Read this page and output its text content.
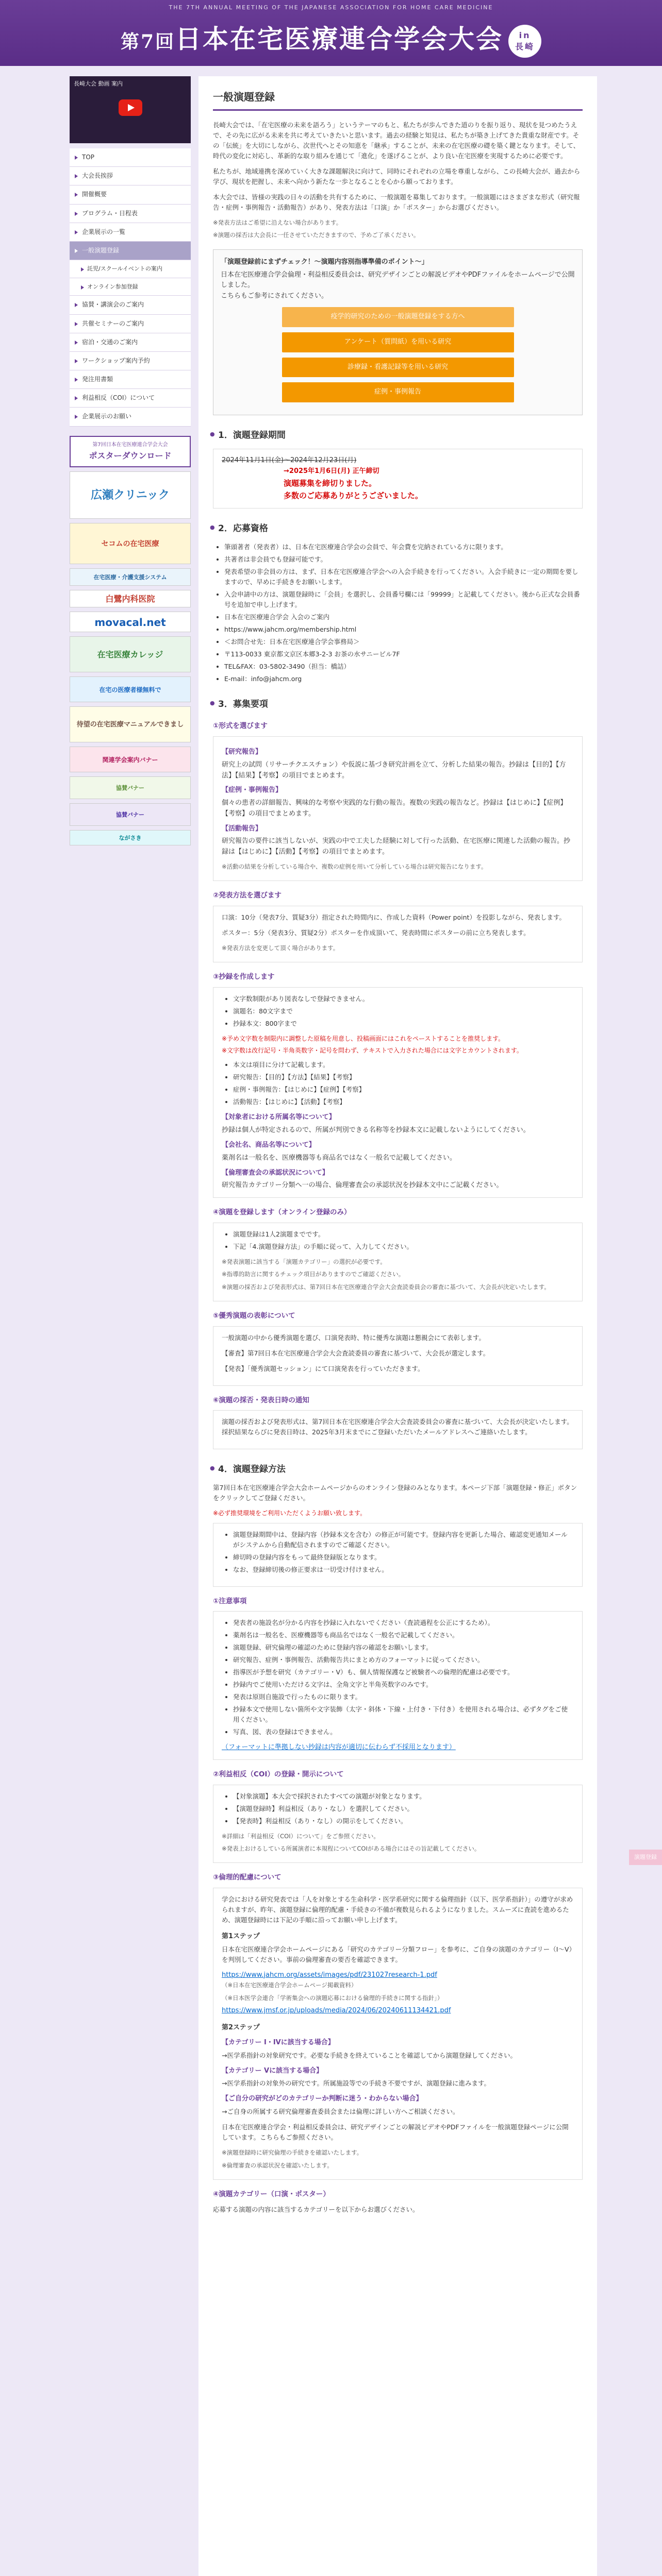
THE 7TH ANNUAL MEETING OF THE JAPANESE ASSOCIATION FOR HOME CARE MEDICINE
第7回日本在宅医療連合学会大会 in
長崎
長崎大会 動画 案内
TOP
大会長挨拶
開催概要
プログラム・日程表
企業展示の一覧
一般演題登録
託児/スクールイベントの案内
オンライン参加登録
協賛・講演会のご案内
共催セミナーのご案内
宿泊・交通のご案内
ワークショップ案内予約
発注用書類
利益相反（COI）について
企業展示のお願い
第7回日本在宅医療連合学会大会
ポスターダウンロード
広瀬クリニック
セコムの在宅医療
在宅医療・介護支援システム
白鷺内科医院
movacal.net
在宅医療カレッジ
在宅の医療者様無料で
待望の在宅医療マニュアルできまし
関連学会案内バナー
協賛バナー
協賛バナー
ながさき
一般演題登録

長崎大会では、「在宅医療の未来を語ろう」というテーマのもと、私たちが歩んできた道のりを振り返り、現状を見つめたうえで、その先に広がる未来を共に考えていきたいと思います。過去の経験と知見は、私たちが築き上げてきた貴重な財産です。その「伝統」を大切にしながら、次世代へとその知恵を「継承」することが、未来の在宅医療の礎を築く鍵となります。そして、時代の変化に対応し、革新的な取り組みを通じて「進化」を遂げることが、より良い在宅医療を実現するために必要です。

私たちが、地域連携を深めていく大きな課題解決に向けて、同時にそれぞれの立場を尊重しながら、この長崎大会が、過去から学び、現状を把握し、未来へ向かう新たな一歩となることを心から願っております。

本大会では、皆様の実践の日々の活動を共有するために、一般演題を募集しております。一般演題にはさまざまな形式（研究報告・症例・事例報告・活動報告）があり、発表方法は「口演」か「ポスター」からお選びください。

※発表方法はご希望に沿えない場合があります。
※演題の採否は大会長に一任させていただきますので、予めご了承ください。
「演題登録前にまずチェック！～演題内容別指導準備のポイント～」
日本在宅医療連合学会倫理・利益相反委員会は、研究デザインごとの解説ビデオやPDFファイルをホームページで公開しました。
こちらもご参考にされてください。
疫学的研究のための一般演題登録をする方へ
アンケート（質問紙）を用いる研究
診療録・看護記録等を用いる研究
症例・事例報告
● 1．演題登録期間
2024年11月1日(金)～2024年12月23日(月)
→2025年1月6日(月) 正午締切
演題募集を締切りました。
多数のご応募ありがとうございました。
● 2．応募資格
• 筆頭著者（発表者）は、日本在宅医療連合学会の会員で、年会費を完納されている方に限ります。
• 共著者は非会員でも登録可能です。
• 発表希望の非会員の方は、まず、日本在宅医療連合学会への入会手続きを行ってください。入会手続きに一定の期間を要しますので、早めに手続きをお願いします。
• 入会申請中の方は、演題登録時に「会員」を選択し、会員番号欄には「99999」と記載してください。後から正式な会員番号を追加で申し上げます。
• 日本在宅医療連合学会 入会のご案内
• https://www.jahcm.org/membership.html
• ＜お問合せ先：日本在宅医療連合学会事務局＞
• 〒113-0033 東京都文京区本郷3-2-3 お茶の水サニービル7F
• TEL&FAX：03-5802-3490（担当：橋詰）
• E-mail：info@jahcm.org
● 3．募集要項
①形式を選びます
【研究報告】
研究上の試問（リサーチクエスチョン）や仮説に基づき研究計画を立て、分析した結果の報告。抄録は【目的】【方法】【結果】【考察】の項目でまとめます。
【症例・事例報告】
個々の患者の詳細報告、興味的な考察や実践的な行動の報告。複数の実践の報告など。抄録は【はじめに】【症例】【考察】の項目でまとめます。
【活動報告】
研究報告の要件に該当しないが、実践の中で工夫した経験に対して行った活動、在宅医療に関連した活動の報告。抄録は【はじめに】【活動】【考察】の項目でまとめます。
※活動の結果を分析している場合や、複数の症例を用いて分析している場合は研究報告になります。
②発表方法を選びます

口演：10分（発表7分、質疑3分）指定された時間内に、作成した資料（Power point）を投影しながら、発表します。

ポスター：5分（発表3分、質疑2分）ポスターを作成頂いて、発表時間にポスターの前に立ち発表します。

※発表方法を変更して頂く場合があります。
③抄録を作成します
• 文字数制限があり図表なしで登録できません。
• 演題名：80文字まで
• 抄録本文：800字まで
※予め文字数を制限内に調整した原稿を用意し、投稿画面にはこれをペーストすることを推奨します。
※文字数は改行記号・半角英数字・記号を問わず、テキストで入力された場合には文字とカウントされます。
• 本文は項目に分けて記載します。
• 研究報告：【目的】【方法】【結果】【考察】
• 症例・事例報告：【はじめに】【症例】【考察】
• 活動報告：【はじめに】【活動】【考察】
【対象者における所属名等について】
抄録は個人が特定されるので、所属が判別できる名称等を抄録本文に記載しないようにしてください。
【会社名、商品名等について】
薬剤名は一般名を、医療機器等も商品名ではなく一般名で記載してください。
【倫理審査会の承認状況について】
研究報告カテゴリー分類へ一の場合、倫理審査会の承認状況を抄録本文中にご記載ください。
④演題を登録します（オンライン登録のみ）
• 演題登録は1人2演題までです。
• 下記「4.演題登録方法」の手順に従って、入力してください。
※発表演題に該当する「演題カテゴリー」の選択が必要です。
※指導的助言に関するチェック項目がありますのでご確認ください。
※演題の採否および発表形式は、第7回日本在宅医療連合学会大会査読委員会の審査に基づいて、大会長が決定いたします。
⑤優秀演題の表彰について

一般演題の中から優秀演題を選び、口演発表時、特に優秀な演題は懇親会にて表彰します。

【審査】第7回日本在宅医療連合学会大会査読委員の審査に基づいて、大会長が選定します。

【発表】「優秀演題セッション」にて口演発表を行っていただきます。

⑥演題の採否・発表日時の通知

演題の採否および発表形式は、第7回日本在宅医療連合学会大会査読委員会の審査に基づいて、大会長が決定いたします。採択結果ならびに発表日時は、2025年3月末までにご登録いただいたメールアドレスへご連絡いたします。

● 4．演題登録方法

第7回日本在宅医療連合学会大会ホームページからのオンライン登録のみとなります。本ページ下部「演題登録・修正」ボタンをクリックしてご登録ください。

※必ず推奨環境をご利用いただくようお願い致します。
• 演題登録期間中は、登録内容（抄録本文を含む）の修正が可能です。登録内容を更新した場合、確認変更通知メールがシステムから自動配信されますのでご確認ください。
• 締切時の登録内容をもって最終登録版となります。
• なお、登録締切後の修正要求は一切受け付けません。
①注意事項
• 発表者の施設名が分かる内容を抄録に入れないでください（査読過程を公正にするため）。
• 薬剤名は一般名を、医療機器等も商品名ではなく一般名で記載してください。
• 演題登録、研究倫理の確認のために登録内容の確認をお願いします。
• 研究報告、症例・事例報告、活動報告共にまとめ方のフォーマットに従ってください。
• 指導医が予想を研究（カテゴリー・V）も、個人情報保護など被験者への倫理的配慮は必要です。
• 抄録内でご使用いただける文字は、全角文字と半角英数字のみです。
• 発表は原則自施設で行ったものに限ります。
• 抄録本文で使用しない箇所や文字装飾（太字・斜体・下線・上付き・下付き）を使用される場合は、必ずタグをご使用ください。
• 写真、図、表の登録はできません。
（フォーマットに準拠しない抄録は内容が適切に伝わらず不採用となります）
②利益相反（COI）の登録・開示について
• 【対象演題】本大会で採択されたすべての演題が対象となります。
• 【演題登録時】利益相反（あり・なし）を選択してください。
• 【発表時】利益相反（あり・なし）の開示をしてください。
※詳細は「利益相反（COI）について」をご参照ください。
※発表上おけるしている所属演者に本規程についてCOIがある場合にはその旨記載してください。
③倫理的配慮について

学会における研究発表では「人を対象とする生命科学・医学系研究に関する倫理指針（以下、医学系指針）」の遵守が求められますが、昨年、演題登録に倫理的配慮・手続きの不備が複数見られるようになりました。スムーズに査読を進めるため、演題登録時には下記の手順に沿ってお願い申し上げます。

第1ステップ

日本在宅医療連合学会ホームページにある「研究のカテゴリー分類フロー」を参考に、ご自身の演題のカテゴリー（I〜V）を判別してください。事前の倫理審査の要否を確認できます。

https://www.jahcm.org/assets/images/pdf/231027research-1.pdf
（※日本在宅医療連合学会ホームページ掲載資料）
（※日本医学会連合「学術集会への演題応募における倫理的手続きに関する指針」）
https://www.jmsf.or.jp/uploads/media/2024/06/20240611134421.pdf
第2ステップ
【カテゴリー I・IVに該当する場合】

→医学系指針の対象研究です。必要な手続きを終えていることを確認してから演題登録してください。

【カテゴリー Vに該当する場合】

→医学系指針の対象外の研究です。所属施設等での手続き不要ですが、演題登録に進みます。

【ご自分の研究がどのカテゴリーか判断に迷う・わからない場合】

→ご自身の所属する研究倫理審査委員会または倫理に詳しい方へご相談ください。

日本在宅医療連合学会・利益相反委員会は、研究デザインごとの解説ビデオやPDFファイルを一般演題登録ページに公開しています。こちらもご参照ください。

※演題登録時に研究倫理の手続きを確認いたします。
※倫理審査の承認状況を確認いたします。
④演題カテゴリー（口演・ポスター）

応募する演題の内容に該当するカテゴリーを以下からお選びください。

演題登録
